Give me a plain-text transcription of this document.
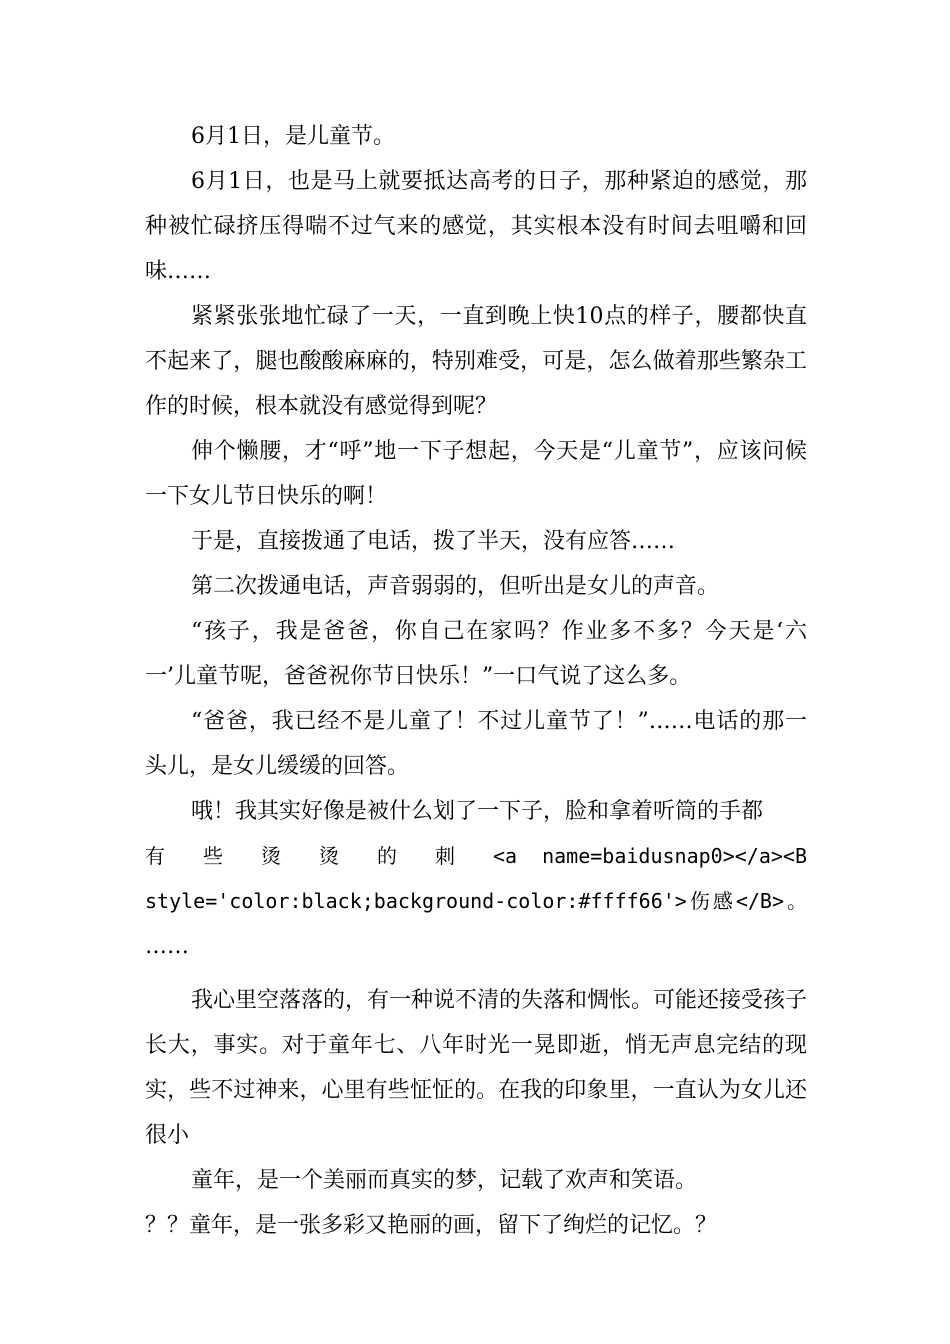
6月1日，是儿童节。

6月1日，也是马上就要抵达高考的日子，那种紧迫的感觉，那种被忙碌挤压得喘不过气来的感觉，其实根本没有时间去咀嚼和回味……

紧紧张张地忙碌了一天，一直到晚上快10点的样子，腰都快直不起来了，腿也酸酸麻麻的，特别难受，可是，怎么做着那些繁杂工作的时候，根本就没有感觉得到呢？

伸个懒腰，才“呼”地一下子想起，今天是“儿童节”，应该问候一下女儿节日快乐的啊！

于是，直接拨通了电话，拨了半天，没有应答……

第二次拨通电话，声音弱弱的，但听出是女儿的声音。

“孩子，我是爸爸，你自己在家吗？作业多不多？今天是‘六一’儿童节呢，爸爸祝你节日快乐！”一口气说了这么多。

“爸爸，我已经不是儿童了！不过儿童节了！”……电话的那一头儿，是女儿缓缓的回答。

哦！我其实好像是被什么划了一下子，脸和拿着听筒的手都
有 些 烫 烫 的 刺 <a name=baidusnap0></a><B
style='color:black;background-color:#ffff66'>伤感</B>。
……

我心里空落落的，有一种说不清的失落和惆怅。可能还接受孩子长大，事实。对于童年七、八年时光一晃即逝，悄无声息完结的现实，些不过神来，心里有些怔怔的。在我的印象里，一直认为女儿还很小

童年，是一个美丽而真实的梦，记载了欢声和笑语。

？？童年，是一张多彩又艳丽的画，留下了绚烂的记忆。？
